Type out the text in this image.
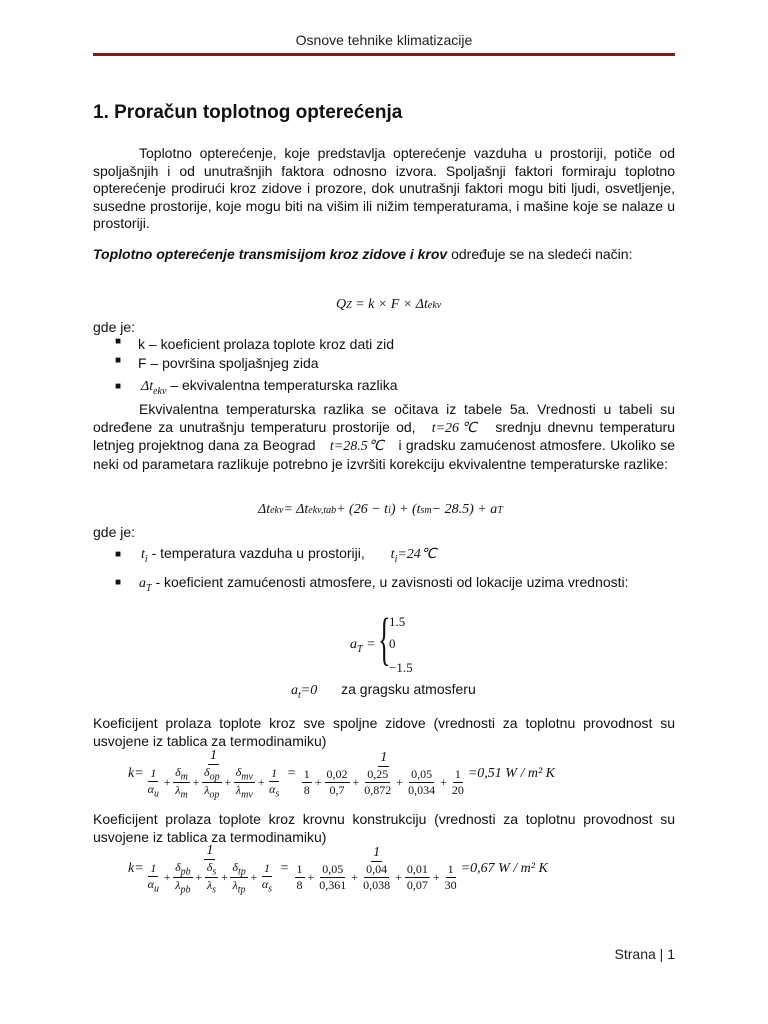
Osnove tehnike klimatizacije
1. Proračun toplotnog opterećenja
Toplotno opterećenje, koje predstavlja opterećenje vazduha u prostoriji, potiče od spoljašnjih i od unutrašnjih faktora odnosno izvora. Spoljašnji faktori formiraju toplotno opterećenje prodirući kroz zidove i prozore, dok unutrašnji faktori mogu biti ljudi, osvetljenje, susedne prostorije, koje mogu biti na višim ili nižim temperaturama, i mašine koje se nalaze u prostoriji.
Toplotno opterećenje transmisijom kroz zidove i krov određuje se na sledeći način:
Q Z
= k × F × Δt ekv
gde je:
■ k – koeficient prolaza toplote kroz dati zid
■ F – površina spoljašnjeg zida
■ $\Delta t_{ekv}$ – ekvivalentna temperaturska razlika
Ekvivalentna temperaturska razlika se očitava iz tabele 5a. Vrednosti u tabeli su određene za unutrašnju temperaturu prostorije od, t=26℃ srednju dnevnu temperaturu letnjeg projektnog dana za Beograd t=28.5℃ i gradsku zamućenost atmosfere. Ukoliko se neki od parametara razlikuje potrebno je izvršiti korekciju ekvivalentne temperaturske razlike:
Δt ekv = Δt ekv,tab + (26 − t i ) + (t sm − 28.5) + a T
gde je:
■ $t_i$ - temperatura vazduha u prostoriji, $t_i=24℃$
■ $a_T$ - koeficient zamućenosti atmosfere, u zavisnosti od lokacije uzima vrednosti:
$a_T$ = {
1.5
0
−1.5
$a_t=0$ za gragsku atmosferu
Koeficijent prolaza toplote kroz sve spoljne zidove (vrednosti za toplotnu provodnost su usvojene iz tablica za termodinamiku)
$k= \frac{1}{\frac{1}{\alpha_u} + \frac{\delta_m}{\lambda_m} + \frac{\delta_{op}}{\lambda_{op}} + \frac{\delta_{mv}}{\lambda_{mv}} + \frac{1}{\alpha_s}}$ =
1
$\frac{1}{8} + \frac{0,02}{0,7} + \frac{0,25}{0,872} + \frac{0,05}{0,034} + \frac{1}{20} =0,51$ W / m² K
Koeficijent prolaza toplote kroz krovnu konstrukciju (vrednosti za toplotnu provodnost su usvojene iz tablica za termodinamiku)
$k= \frac{1}{\frac{1}{\alpha_u} + \frac{\delta_{pb}}{\lambda_{pb}} + \frac{\delta_s}{\lambda_s} + \frac{\delta_{tp}}{\lambda_{tp}} + \frac{1}{\alpha_s}}$ =
1
$\frac{1}{8} + \frac{0,05}{0,361} + \frac{0,04}{0,038} + \frac{0,01}{0,07} + \frac{1}{30} =0,67$ W / m² K
Strana | 1
